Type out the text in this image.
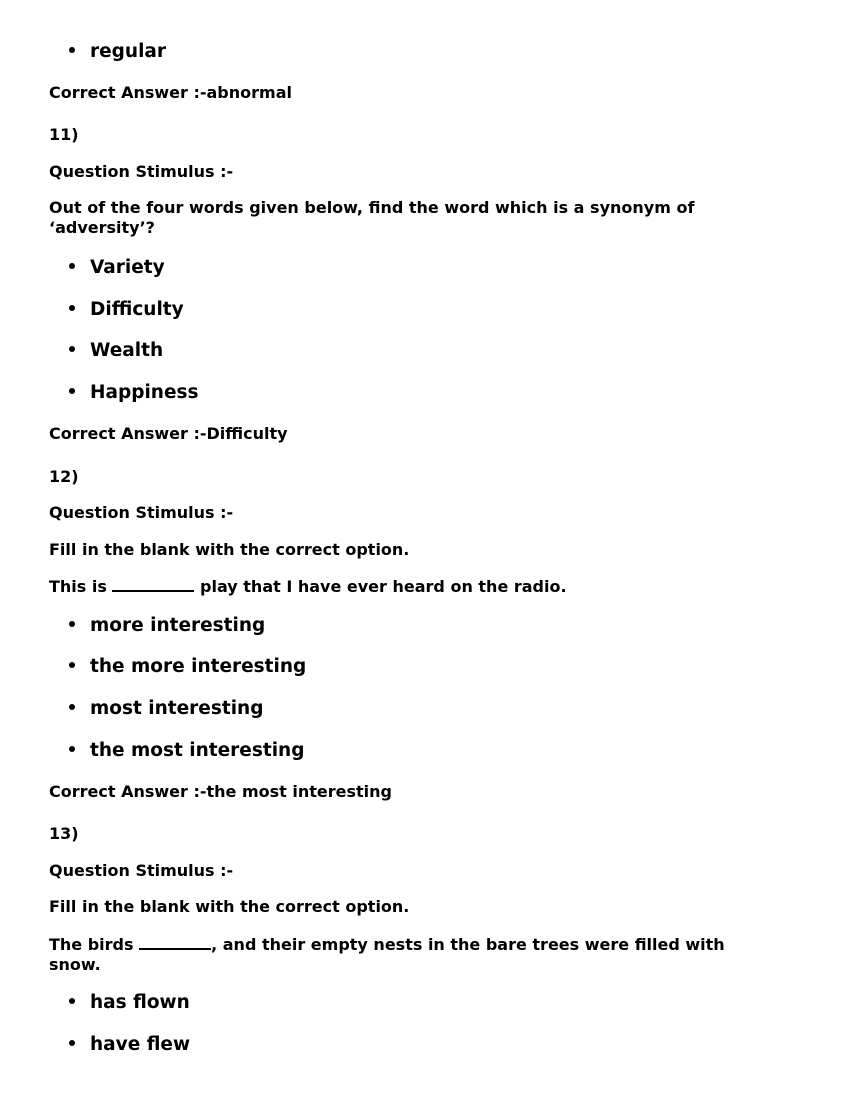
regular
Correct Answer :-abnormal
11)
Question Stimulus :-
Out of the four words given below, find the word which is a synonym of ‘adversity’?
Variety
Difficulty
Wealth
Happiness
Correct Answer :-Difficulty
12)
Question Stimulus :-
Fill in the blank with the correct option.
This is	play that I have ever heard on the radio.
more interesting
the more interesting
most interesting
the most interesting
Correct Answer :-the most interesting
13)
Question Stimulus :-
Fill in the blank with the correct option.
The birds	, and their empty nests in the bare trees were filled with snow.
has flown
have flew
